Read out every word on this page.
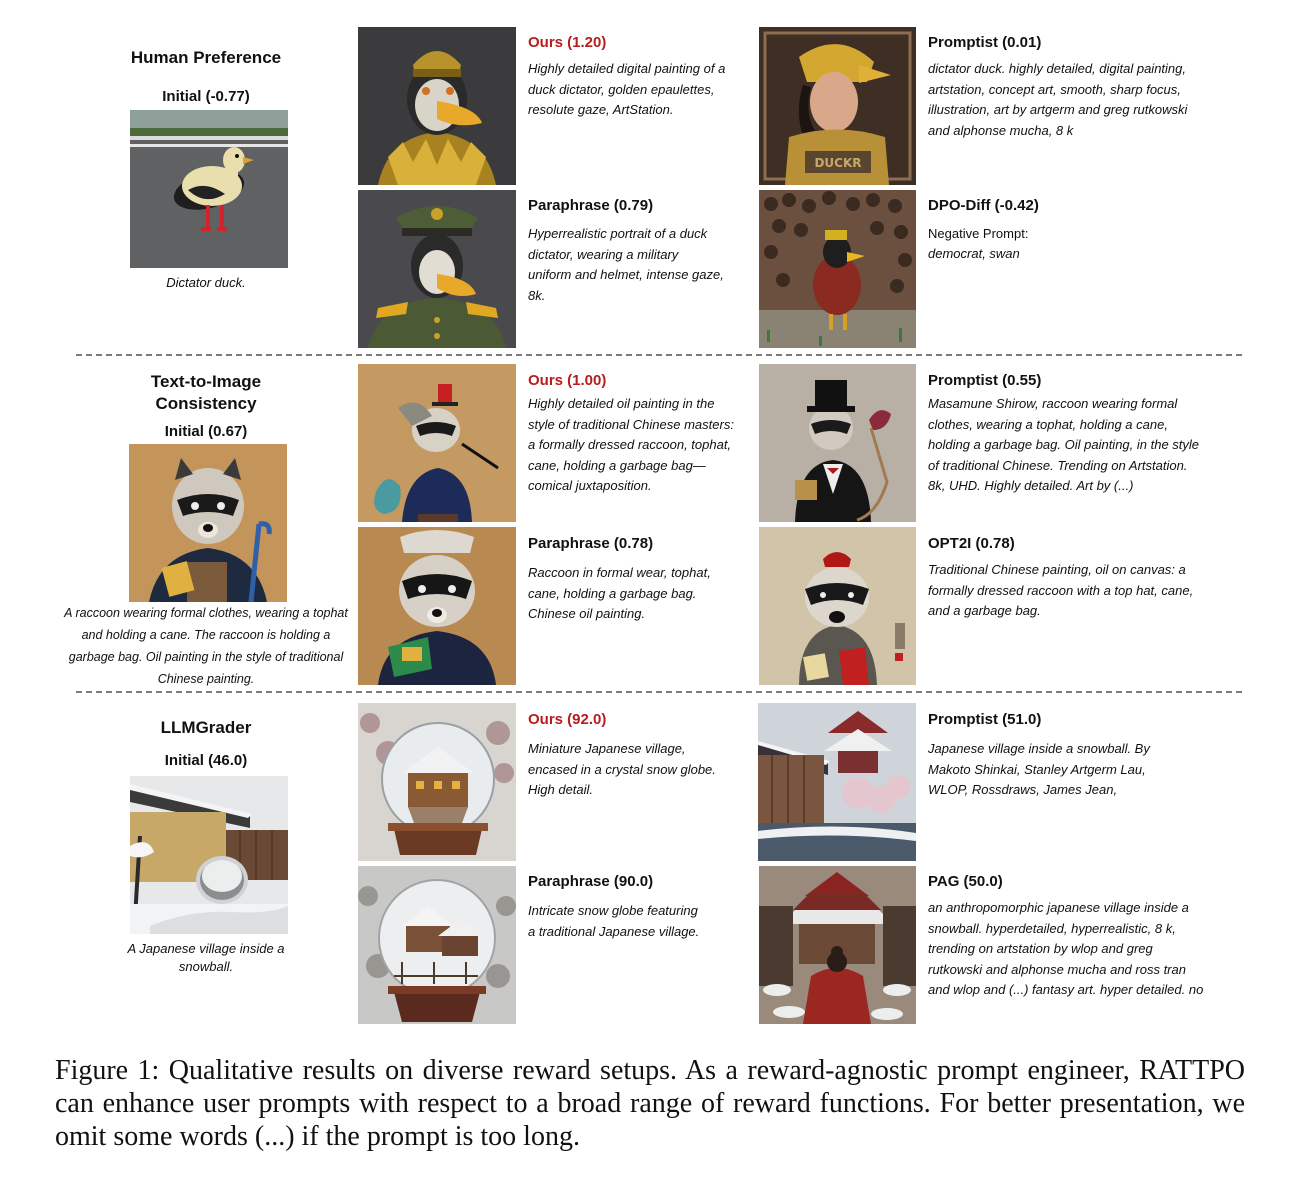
Human Preference
Initial (-0.77)
Dictator duck.
Ours (1.20)
Highly detailed digital painting of a
duck dictator, golden epaulettes,
resolute gaze, ArtStation.
DUCKR
Promptist (0.01)
dictator duck. highly detailed, digital painting,
artstation, concept art, smooth, sharp focus,
illustration, art by artgerm and greg rutkowski
and alphonse mucha, 8 k
Paraphrase (0.79)
Hyperrealistic portrait of a duck
dictator, wearing a military
uniform and helmet, intense gaze,
8k.
DPO-Diff (-0.42)
Negative Prompt:
democrat, swan
Text-to-Image
Consistency
Initial (0.67)
A raccoon wearing formal clothes, wearing a tophat and holding a cane. The raccoon is holding a garbage bag. Oil painting in the style of traditional Chinese painting.
Ours (1.00)
Highly detailed oil painting in the
style of traditional Chinese masters:
a formally dressed raccoon, tophat,
cane, holding a garbage bag—
comical juxtaposition.
Promptist (0.55)
Masamune Shirow, raccoon wearing formal
clothes, wearing a tophat, holding a cane,
holding a garbage bag. Oil painting, in the style
of traditional Chinese. Trending on Artstation.
8k, UHD. Highly detailed. Art by (...)
Paraphrase (0.78)
Raccoon in formal wear, tophat,
cane, holding a garbage bag.
Chinese oil painting.
OPT2I (0.78)
Traditional Chinese painting, oil on canvas: a
formally dressed raccoon with a top hat, cane,
and a garbage bag.
LLMGrader
Initial (46.0)
A Japanese village inside a snowball.
Ours (92.0)
Miniature Japanese village,
encased in a crystal snow globe.
High detail.
Promptist (51.0)
Japanese village inside a snowball. By
Makoto Shinkai, Stanley Artgerm Lau,
WLOP, Rossdraws, James Jean,
Paraphrase (90.0)
Intricate snow globe featuring
a traditional Japanese village.
PAG (50.0)
an anthropomorphic japanese village inside a
snowball. hyperdetailed, hyperrealistic, 8 k,
trending on artstation by wlop and greg
rutkowski and alphonse mucha and ross tran
and wlop and (...) fantasy art. hyper detailed. no
Figure 1: Qualitative results on diverse reward setups. As a reward-agnostic prompt engineer, RATTPO can enhance user prompts with respect to a broad range of reward functions. For better presentation, we omit some words (...) if the prompt is too long.
